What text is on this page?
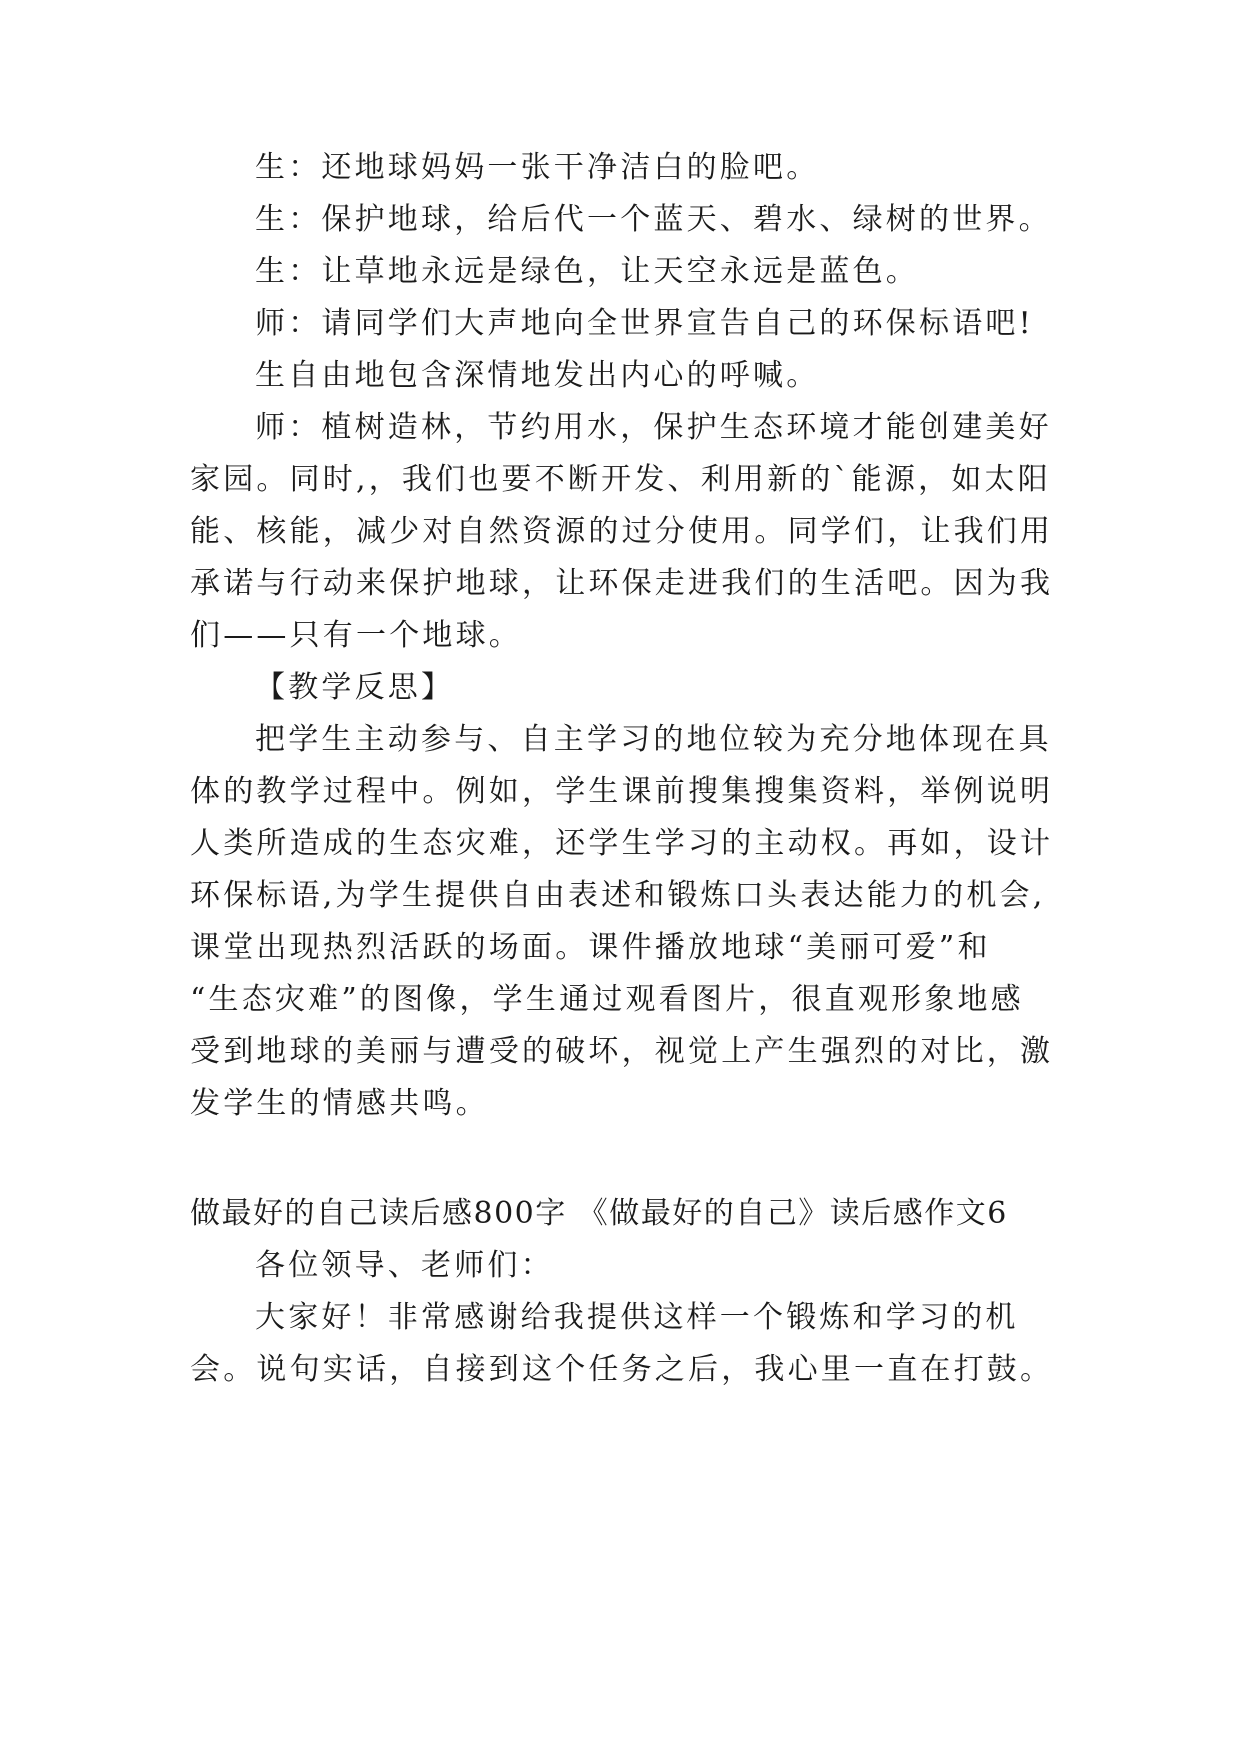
生：还地球妈妈一张干净洁白的脸吧。
生：保护地球，给后代一个蓝天、碧水、绿树的世界。
生：让草地永远是绿色，让天空永远是蓝色。
师：请同学们大声地向全世界宣告自己的环保标语吧!
生自由地包含深情地发出内心的呼喊。
师：植树造林，节约用水，保护生态环境才能创建美好
家园。同时,，我们也要不断开发、利用新的`能源，如太阳
能、核能，减少对自然资源的过分使用。同学们，让我们用
承诺与行动来保护地球，让环保走进我们的生活吧。因为我
们——只有一个地球。
【教学反思】
把学生主动参与、自主学习的地位较为充分地体现在具
体的教学过程中。例如，学生课前搜集搜集资料，举例说明
人类所造成的生态灾难，还学生学习的主动权。再如，设计
环保标语,为学生提供自由表述和锻炼口头表达能力的机会,
课堂出现热烈活跃的场面。课件播放地球“美丽可爱”和
“生态灾难”的图像，学生通过观看图片，很直观形象地感
受到地球的美丽与遭受的破坏，视觉上产生强烈的对比，激
发学生的情感共鸣。
做最好的自己读后感800字 《做最好的自己》读后感作文6
各位领导、老师们：
大家好！非常感谢给我提供这样一个锻炼和学习的机
会。说句实话，自接到这个任务之后，我心里一直在打鼓。
